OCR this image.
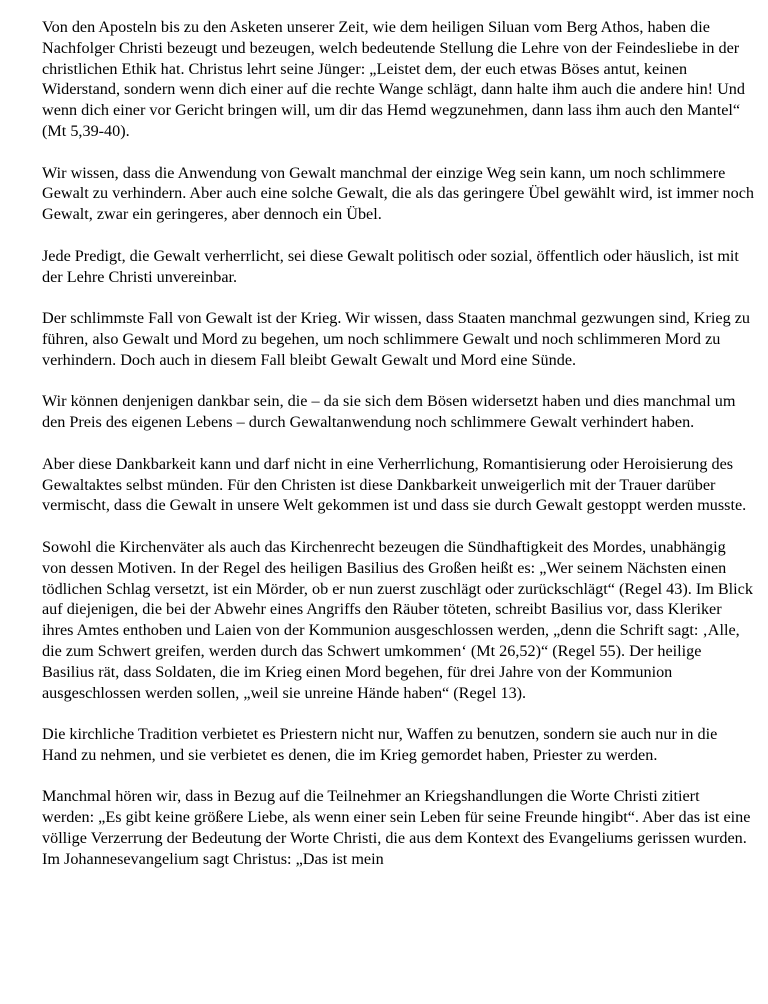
Von den Aposteln bis zu den Asketen unserer Zeit, wie dem heiligen Siluan vom Berg Athos, haben die Nachfolger Christi bezeugt und bezeugen, welch bedeutende Stellung die Lehre von der Feindesliebe in der christlichen Ethik hat. Christus lehrt seine Jünger: „Leistet dem, der euch etwas Böses antut, keinen Widerstand, sondern wenn dich einer auf die rechte Wange schlägt, dann halte ihm auch die andere hin! Und wenn dich einer vor Gericht bringen will, um dir das Hemd wegzunehmen, dann lass ihm auch den Mantel“ (Mt 5,39-40).

Wir wissen, dass die Anwendung von Gewalt manchmal der einzige Weg sein kann, um noch schlimmere Gewalt zu verhindern. Aber auch eine solche Gewalt, die als das geringere Übel gewählt wird, ist immer noch Gewalt, zwar ein geringeres, aber dennoch ein Übel.

Jede Predigt, die Gewalt verherrlicht, sei diese Gewalt politisch oder sozial, öffentlich oder häuslich, ist mit der Lehre Christi unvereinbar.

Der schlimmste Fall von Gewalt ist der Krieg. Wir wissen, dass Staaten manchmal gezwungen sind, Krieg zu führen, also Gewalt und Mord zu begehen, um noch schlimmere Gewalt und noch schlimmeren Mord zu verhindern. Doch auch in diesem Fall bleibt Gewalt Gewalt und Mord eine Sünde.

Wir können denjenigen dankbar sein, die – da sie sich dem Bösen widersetzt haben und dies manchmal um den Preis des eigenen Lebens – durch Gewaltanwendung noch schlimmere Gewalt verhindert haben.

Aber diese Dankbarkeit kann und darf nicht in eine Verherrlichung, Romantisierung oder Heroisierung des Gewaltaktes selbst münden. Für den Christen ist diese Dankbarkeit unweigerlich mit der Trauer darüber vermischt, dass die Gewalt in unsere Welt gekommen ist und dass sie durch Gewalt gestoppt werden musste.

Sowohl die Kirchenväter als auch das Kirchenrecht bezeugen die Sündhaftigkeit des Mordes, unabhängig von dessen Motiven. In der Regel des heiligen Basilius des Großen heißt es: „Wer seinem Nächsten einen tödlichen Schlag versetzt, ist ein Mörder, ob er nun zuerst zuschlägt oder zurückschlägt“ (Regel 43). Im Blick auf diejenigen, die bei der Abwehr eines Angriffs den Räuber töteten, schreibt Basilius vor, dass Kleriker ihres Amtes enthoben und Laien von der Kommunion ausgeschlossen werden, „denn die Schrift sagt: ‚Alle, die zum Schwert greifen, werden durch das Schwert umkommen‘ (Mt 26,52)“ (Regel 55). Der heilige Basilius rät, dass Soldaten, die im Krieg einen Mord begehen, für drei Jahre von der Kommunion ausgeschlossen werden sollen, „weil sie unreine Hände haben“ (Regel 13).

Die kirchliche Tradition verbietet es Priestern nicht nur, Waffen zu benutzen, sondern sie auch nur in die Hand zu nehmen, und sie verbietet es denen, die im Krieg gemordet haben, Priester zu werden.

Manchmal hören wir, dass in Bezug auf die Teilnehmer an Kriegshandlungen die Worte Christi zitiert werden: „Es gibt keine größere Liebe, als wenn einer sein Leben für seine Freunde hingibt“. Aber das ist eine völlige Verzerrung der Bedeutung der Worte Christi, die aus dem Kontext des Evangeliums gerissen wurden. Im Johannesevangelium sagt Christus: „Das ist mein
